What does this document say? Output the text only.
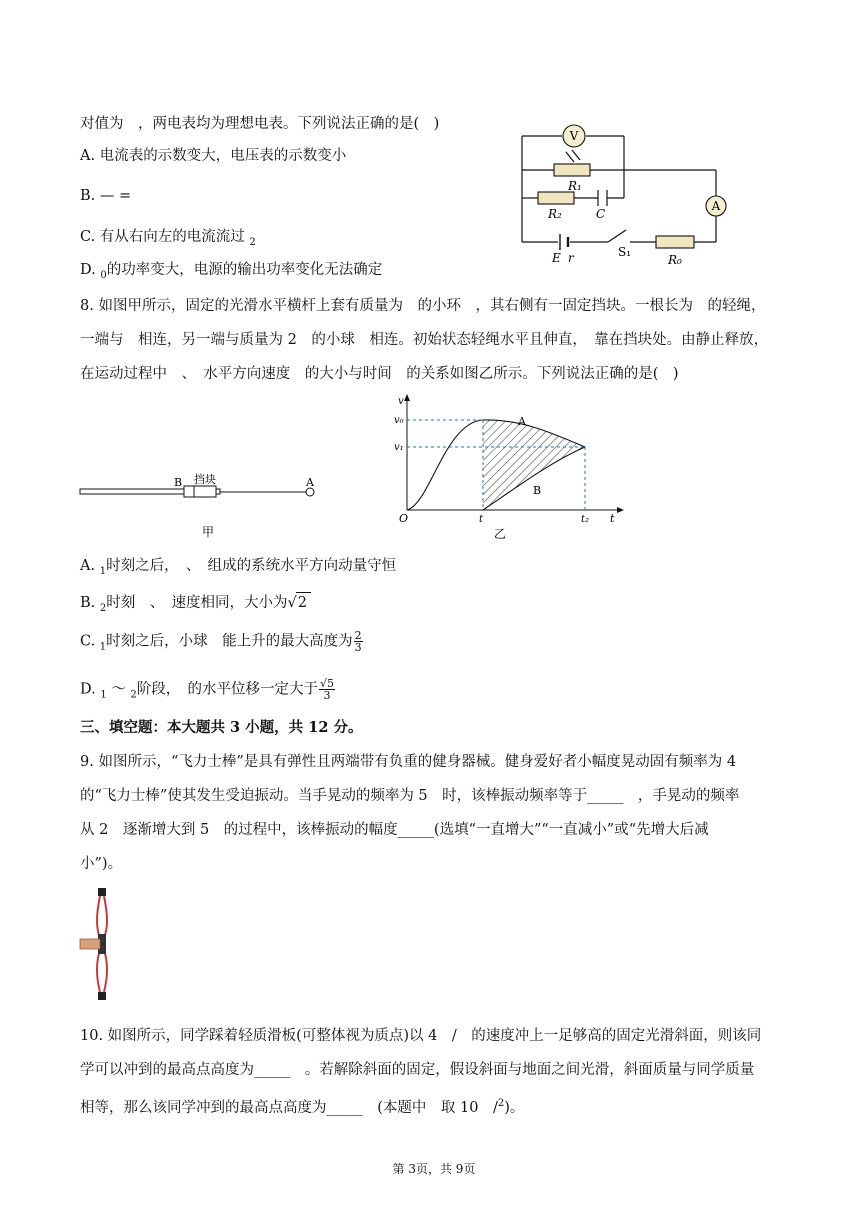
对值为　，两电表均为理想电表。下列说法正确的是(　)
A. 电流表的示数变大，电压表的示数变小
B. — =
C. 有从右向左的电流流过 $_2$
D. $_0$的功率变大，电源的输出功率变化无法确定
V
A
R₁
R₂	C
E r	S₁
R₀
8. 如图甲所示，固定的光滑水平横杆上套有质量为　的小环　，其右侧有一固定挡块。一根长为　的轻绳，
一端与　相连，另一端与质量为 2　的小球　相连。初始状态轻绳水平且伸直，　靠在挡块处。由静止释放，
在运动过程中　、　水平方向速度　的大小与时间　的关系如图乙所示。下列说法正确的是(　)
B 挡块	A
甲
v
v₀
v₁
A
B
O	t	t₂ t
乙
A. $_1$时刻之后，　、　组成的系统水平方向动量守恒
B. $_2$时刻　、　速度相同，大小为√2
C. $_1$时刻之后，小球　能上升的最大高度为 $\frac{2}{3}$
D. $_1$ ～ $_2$阶段，　的水平位移一定大于 $\frac{√5}{3}$
三、填空题：本大题共 3 小题，共 12 分。
9. 如图所示，“飞力士棒”是具有弹性且两端带有负重的健身器械。健身爱好者小幅度晃动固有频率为 4
的“飞力士棒”使其发生受迫振动。当手晃动的频率为 5　时，该棒振动频率等于_____　，手晃动的频率
从 2　逐渐增大到 5　的过程中，该棒振动的幅度_____(选填“一直增大”“一直减小”或“先增大后减
小”)。
10. 如图所示，同学踩着轻质滑板(可整体视为质点)以 4　/　的速度冲上一足够高的固定光滑斜面，则该同
学可以冲到的最高点高度为_____　。若解除斜面的固定，假设斜面与地面之间光滑，斜面质量与同学质量
相等，那么该同学冲到的最高点高度为_____　(本题中　取 10　/$^2$)。
第 3页，共 9页
